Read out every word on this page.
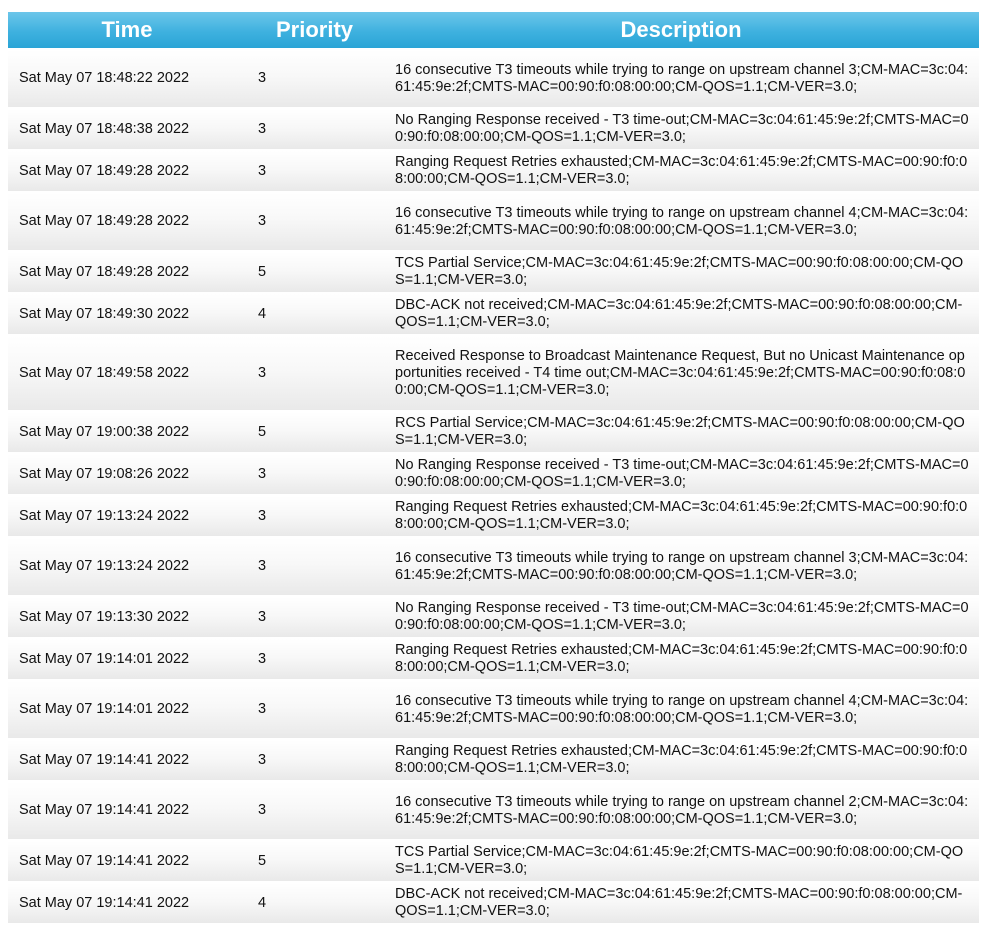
Time	Priority	Description
Sat May 07 18:48:22 2022	3	16 consecutive T3 timeouts while trying to range on upstream channel 3;CM-MAC=3c:04:61:45:9e:2f;CMTS-MAC=00:90:f0:08:00:00;CM-QOS=1.1;CM-VER=3.0;
Sat May 07 18:48:38 2022	3	No Ranging Response received - T3 time-out;CM-MAC=3c:04:61:45:9e:2f;CMTS-MAC=00:90:f0:08:00:00;CM-QOS=1.1;CM-VER=3.0;
Sat May 07 18:49:28 2022	3	Ranging Request Retries exhausted;CM-MAC=3c:04:61:45:9e:2f;CMTS-MAC=00:90:f0:08:00:00;CM-QOS=1.1;CM-VER=3.0;
Sat May 07 18:49:28 2022	3	16 consecutive T3 timeouts while trying to range on upstream channel 4;CM-MAC=3c:04:61:45:9e:2f;CMTS-MAC=00:90:f0:08:00:00;CM-QOS=1.1;CM-VER=3.0;
Sat May 07 18:49:28 2022	5	TCS Partial Service;CM-MAC=3c:04:61:45:9e:2f;CMTS-MAC=00:90:f0:08:00:00;CM-QOS=1.1;CM-VER=3.0;
Sat May 07 18:49:30 2022	4	DBC-ACK not received;CM-MAC=3c:04:61:45:9e:2f;CMTS-MAC=00:90:f0:08:00:00;CM-QOS=1.1;CM-VER=3.0;
Sat May 07 18:49:58 2022	3	Received Response to Broadcast Maintenance Request, But no Unicast Maintenance opportunities received - T4 time out;CM-MAC=3c:04:61:45:9e:2f;CMTS-MAC=00:90:f0:08:00:00;CM-QOS=1.1;CM-VER=3.0;
Sat May 07 19:00:38 2022	5	RCS Partial Service;CM-MAC=3c:04:61:45:9e:2f;CMTS-MAC=00:90:f0:08:00:00;CM-QOS=1.1;CM-VER=3.0;
Sat May 07 19:08:26 2022	3	No Ranging Response received - T3 time-out;CM-MAC=3c:04:61:45:9e:2f;CMTS-MAC=00:90:f0:08:00:00;CM-QOS=1.1;CM-VER=3.0;
Sat May 07 19:13:24 2022	3	Ranging Request Retries exhausted;CM-MAC=3c:04:61:45:9e:2f;CMTS-MAC=00:90:f0:08:00:00;CM-QOS=1.1;CM-VER=3.0;
Sat May 07 19:13:24 2022	3	16 consecutive T3 timeouts while trying to range on upstream channel 3;CM-MAC=3c:04:61:45:9e:2f;CMTS-MAC=00:90:f0:08:00:00;CM-QOS=1.1;CM-VER=3.0;
Sat May 07 19:13:30 2022	3	No Ranging Response received - T3 time-out;CM-MAC=3c:04:61:45:9e:2f;CMTS-MAC=00:90:f0:08:00:00;CM-QOS=1.1;CM-VER=3.0;
Sat May 07 19:14:01 2022	3	Ranging Request Retries exhausted;CM-MAC=3c:04:61:45:9e:2f;CMTS-MAC=00:90:f0:08:00:00;CM-QOS=1.1;CM-VER=3.0;
Sat May 07 19:14:01 2022	3	16 consecutive T3 timeouts while trying to range on upstream channel 4;CM-MAC=3c:04:61:45:9e:2f;CMTS-MAC=00:90:f0:08:00:00;CM-QOS=1.1;CM-VER=3.0;
Sat May 07 19:14:41 2022	3	Ranging Request Retries exhausted;CM-MAC=3c:04:61:45:9e:2f;CMTS-MAC=00:90:f0:08:00:00;CM-QOS=1.1;CM-VER=3.0;
Sat May 07 19:14:41 2022	3	16 consecutive T3 timeouts while trying to range on upstream channel 2;CM-MAC=3c:04:61:45:9e:2f;CMTS-MAC=00:90:f0:08:00:00;CM-QOS=1.1;CM-VER=3.0;
Sat May 07 19:14:41 2022	5	TCS Partial Service;CM-MAC=3c:04:61:45:9e:2f;CMTS-MAC=00:90:f0:08:00:00;CM-QOS=1.1;CM-VER=3.0;
Sat May 07 19:14:41 2022	4	DBC-ACK not received;CM-MAC=3c:04:61:45:9e:2f;CMTS-MAC=00:90:f0:08:00:00;CM-QOS=1.1;CM-VER=3.0;
